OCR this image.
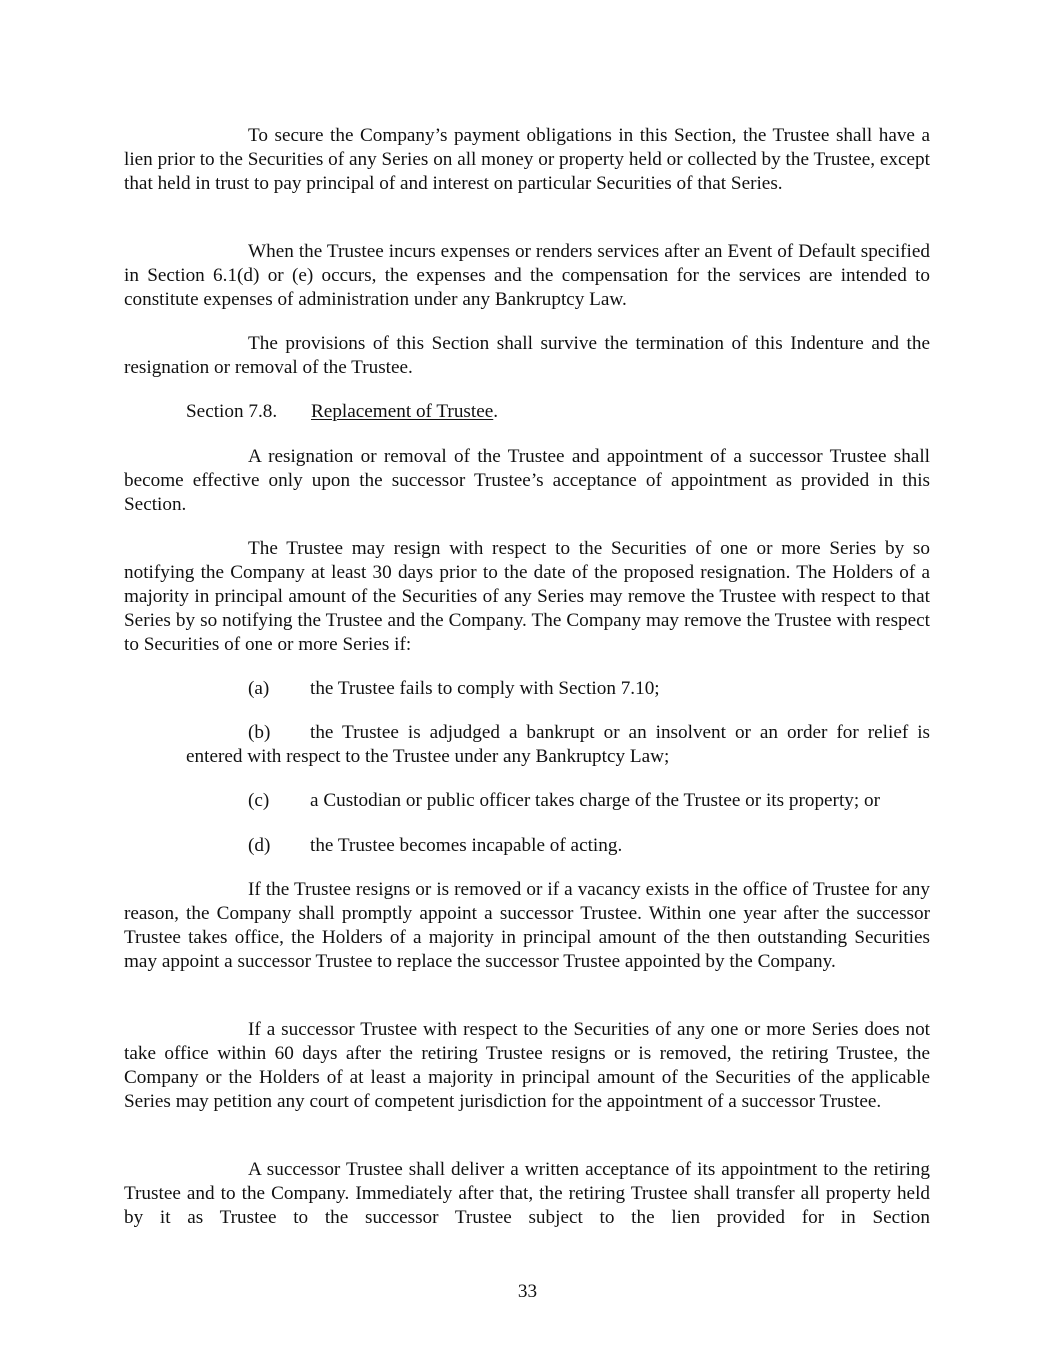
To secure the Company’s payment obligations in this Section, the Trustee shall have a lien prior to the Securities of any Series on all money or property held or collected by the Trustee, except that held in trust to pay principal of and interest on particular Securities of that Series.

When the Trustee incurs expenses or renders services after an Event of Default specified in Section 6.1(d) or (e) occurs, the expenses and the compensation for the services are intended to constitute expenses of administration under any Bankruptcy Law.

The provisions of this Section shall survive the termination of this Indenture and the resignation or removal of the Trustee.

Section 7.8. Replacement of Trustee.

A resignation or removal of the Trustee and appointment of a successor Trustee shall become effective only upon the successor Trustee’s acceptance of appointment as provided in this Section.

The Trustee may resign with respect to the Securities of one or more Series by so notifying the Company at least 30 days prior to the date of the proposed resignation. The Holders of a majority in principal amount of the Securities of any Series may remove the Trustee with respect to that Series by so notifying the Trustee and the Company. The Company may remove the Trustee with respect to Securities of one or more Series if:

(a) the Trustee fails to comply with Section 7.10;

(b) the Trustee is adjudged a bankrupt or an insolvent or an order for relief is entered with respect to the Trustee under any Bankruptcy Law;

(c) a Custodian or public officer takes charge of the Trustee or its property; or

(d) the Trustee becomes incapable of acting.

If the Trustee resigns or is removed or if a vacancy exists in the office of Trustee for any reason, the Company shall promptly appoint a successor Trustee. Within one year after the successor Trustee takes office, the Holders of a majority in principal amount of the then outstanding Securities may appoint a successor Trustee to replace the successor Trustee appointed by the Company.

If a successor Trustee with respect to the Securities of any one or more Series does not take office within 60 days after the retiring Trustee resigns or is removed, the retiring Trustee, the Company or the Holders of at least a majority in principal amount of the Securities of the applicable Series may petition any court of competent jurisdiction for the appointment of a successor Trustee.

A successor Trustee shall deliver a written acceptance of its appointment to the retiring Trustee and to the Company. Immediately after that, the retiring Trustee shall transfer all property held by it as Trustee to the successor Trustee subject to the lien provided for in Section

33
